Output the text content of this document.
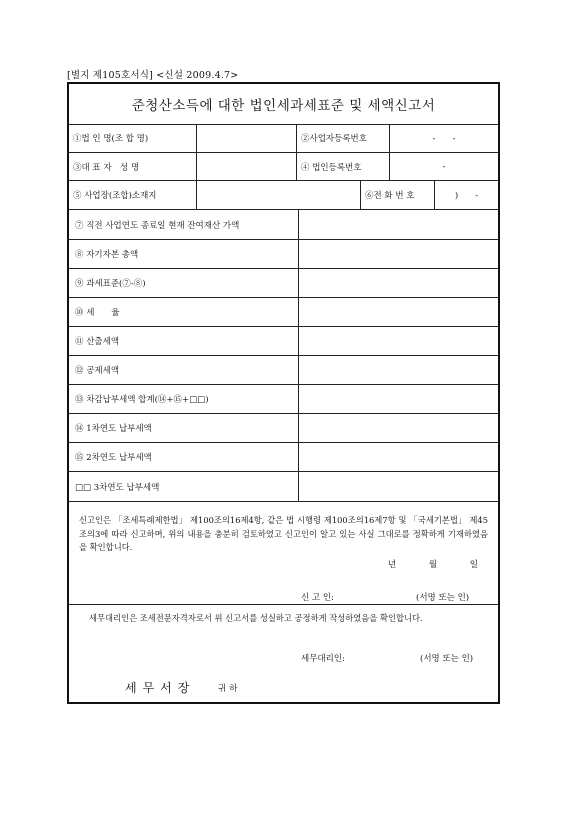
[별지 제105호서식] <신설 2009.4.7>
준청산소득에 대한 법인세과세표준 및 세액신고서
①법 인 명(조 합 명)	②사업자등록번호	-　　-
③대 표 자　성 명	④ 법인등록번호	-
⑤ 사업장(조합)소재지	⑥전 화 번 호	)　　-
⑦ 직전 사업연도 종료일 현재 잔여재산 가액
⑧ 자기자본 총액
⑨ 과세표준(⑦-⑧)
⑩ 세　　율
⑪ 산출세액
⑫ 공제세액
⑬ 차감납부세액 합계(⑭+⑮+□□)
⑭ 1차연도 납부세액
⑮ 2차연도 납부세액
□□ 3차연도 납부세액

신고인은 「조세특례제한법」 제100조의16제4항, 같은 법 시행령 제100조의16제7항 및 「국세기본법」 제45조의3에 따라 신고하며, 위의 내용을 충분히 검토하였고 신고인이 알고 있는 사실 그대로를 정확하게 기재하였음을 확인합니다.

년	월	일
신 고 인:	(서명 또는 인)

세무대리인은 조세전문자격자로서 위 신고서를 성실하고 공정하게 작성하였음을 확인합니다.

세무대리인:	(서명 또는 인)
세무서장	귀하
